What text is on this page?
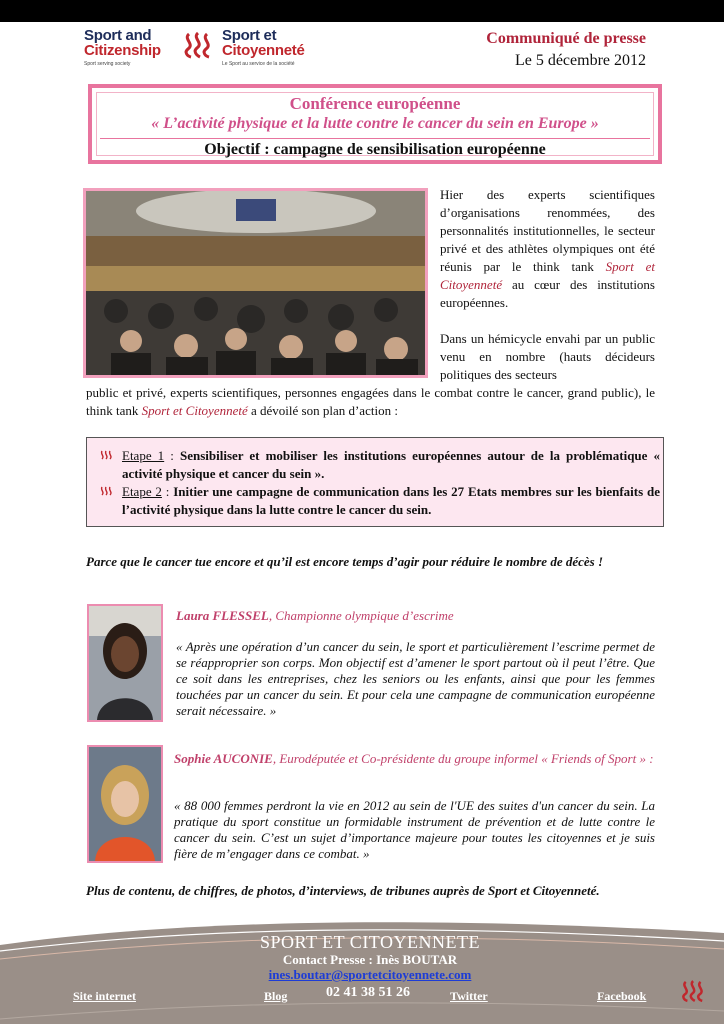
Sport and
Citizenship
Sport serving society
Sport et
Citoyenneté
Le Sport au service de la société
Communiqué de presse
Le 5 décembre 2012
Conférence européenne
« L’activité physique et la lutte contre le cancer du sein en Europe »
Objectif : campagne de sensibilisation européenne
Hier des experts scientifiques d’organisations renommées, des personnalités institutionnelles, le secteur privé et des athlètes olympiques ont été réunis par le think tank Sport et Citoyenneté au cœur des institutions européennes.
Dans un hémicycle envahi par un public venu en nombre (hauts décideurs politiques des secteurs
public et privé, experts scientifiques, personnes engagées dans le combat contre le cancer, grand public), le think tank Sport et Citoyenneté a dévoilé son plan d’action :
Etape 1 : Sensibiliser et mobiliser les institutions européennes autour de la problématique « activité physique et cancer du sein ».
Etape 2 : Initier une campagne de communication dans les 27 Etats membres sur les bienfaits de l’activité physique dans la lutte contre le cancer du sein.
Parce que le cancer tue encore et qu’il est encore temps d’agir pour réduire le nombre de décès !
Laura FLESSEL, Championne olympique d’escrime
« Après une opération d’un cancer du sein, le sport et particulièrement l’escrime permet de se réapproprier son corps. Mon objectif est d’amener le sport partout où il peut l’être. Que ce soit dans les entreprises, chez les seniors ou les enfants, ainsi que pour les femmes touchées par un cancer du sein. Et pour cela une campagne de communication européenne serait nécessaire. »
Sophie AUCONIE, Eurodéputée et Co-présidente du groupe informel « Friends of Sport » :
« 88 000 femmes perdront la vie en 2012 au sein de l'UE des suites d'un cancer du sein. La pratique du sport constitue un formidable instrument de prévention et de lutte contre le cancer du sein. C’est un sujet d’importance majeure pour toutes les citoyennes et je suis fière de m’engager dans ce combat. »
Plus de contenu, de chiffres, de photos, d’interviews, de tribunes auprès de Sport et Citoyenneté.
SPORT ET CITOYENNETE
Contact Presse : Inès BOUTAR
ines.boutar@sportetcitoyennete.com
02 41 38 51 26
Site internet	Blog	Twitter	Facebook
